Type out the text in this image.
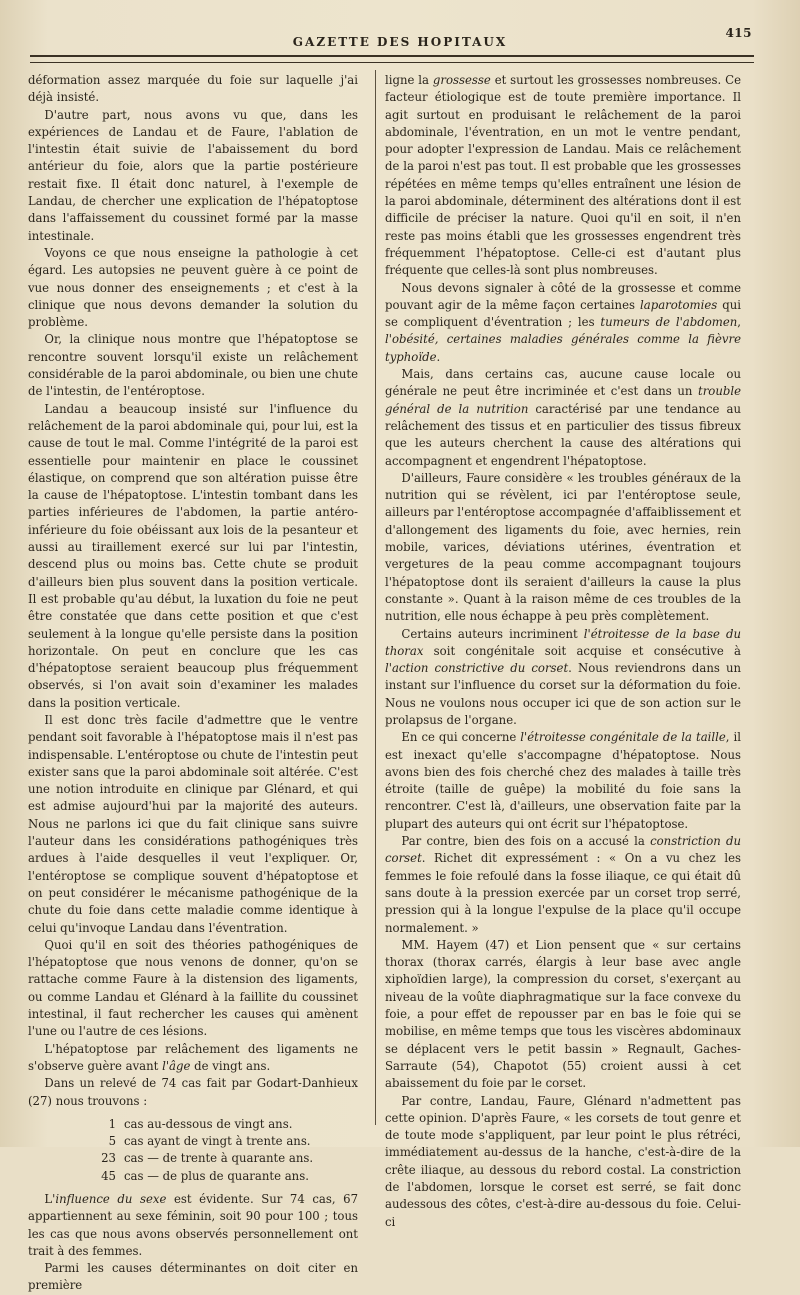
415
GAZETTE DES HOPITAUX

déformation assez marquée du foie sur laquelle j'ai déjà insisté.

D'autre part, nous avons vu que, dans les expériences de Landau et de Faure, l'ablation de l'intestin était suivie de l'abaissement du bord antérieur du foie, alors que la partie postérieure restait fixe. Il était donc naturel, à l'exemple de Landau, de chercher une explication de l'hépatoptose dans l'affaissement du coussinet formé par la masse intestinale.

Voyons ce que nous enseigne la pathologie à cet égard. Les autopsies ne peuvent guère à ce point de vue nous donner des enseignements ; et c'est à la clinique que nous devons demander la solution du problème.

Or, la clinique nous montre que l'hépatoptose se rencontre souvent lorsqu'il existe un relâchement considérable de la paroi abdominale, ou bien une chute de l'intestin, de l'entéroptose.

Landau a beaucoup insisté sur l'influence du relâchement de la paroi abdominale qui, pour lui, est la cause de tout le mal. Comme l'intégrité de la paroi est essentielle pour maintenir en place le coussinet élastique, on comprend que son altération puisse être la cause de l'hépatoptose. L'intestin tombant dans les parties inférieures de l'abdomen, la partie antéro-inférieure du foie obéissant aux lois de la pesanteur et aussi au tiraillement exercé sur lui par l'intestin, descend plus ou moins bas. Cette chute se produit d'ailleurs bien plus souvent dans la position verticale. Il est probable qu'au début, la luxation du foie ne peut être constatée que dans cette position et que c'est seulement à la longue qu'elle persiste dans la position horizontale. On peut en conclure que les cas d'hépatoptose seraient beaucoup plus fréquemment observés, si l'on avait soin d'examiner les malades dans la position verticale.

Il est donc très facile d'admettre que le ventre pendant soit favorable à l'hépatoptose mais il n'est pas indispensable. L'entéroptose ou chute de l'intestin peut exister sans que la paroi abdominale soit altérée. C'est une notion introduite en clinique par Glénard, et qui est admise aujourd'hui par la majorité des auteurs. Nous ne parlons ici que du fait clinique sans suivre l'auteur dans les considérations pathogéniques très ardues à l'aide desquelles il veut l'expliquer. Or, l'entéroptose se complique souvent d'hépatoptose et on peut considérer le mécanisme pathogénique de la chute du foie dans cette maladie comme identique à celui qu'invoque Landau dans l'éventration.

Quoi qu'il en soit des théories pathogéniques de l'hépatoptose que nous venons de donner, qu'on se rattache comme Faure à la distension des ligaments, ou comme Landau et Glénard à la faillite du coussinet intestinal, il faut rechercher les causes qui amènent l'une ou l'autre de ces lésions.

L'hépatoptose par relâchement des ligaments ne s'observe guère avant l'âge de vingt ans.

Dans un relevé de 74 cas fait par Godart-Danhieux (27) nous trouvons :

1 cas au-dessous de vingt ans.
5 cas ayant de vingt à trente ans.
23 cas — de trente à quarante ans.
45 cas — de plus de quarante ans.

L'influence du sexe est évidente. Sur 74 cas, 67 appartiennent au sexe féminin, soit 90 pour 100 ; tous les cas que nous avons observés personnellement ont trait à des femmes.

Parmi les causes déterminantes on doit citer en première

ligne la grossesse et surtout les grossesses nombreuses. Ce facteur étiologique est de toute première importance. Il agit surtout en produisant le relâchement de la paroi abdominale, l'éventration, en un mot le ventre pendant, pour adopter l'expression de Landau. Mais ce relâchement de la paroi n'est pas tout. Il est probable que les grossesses répétées en même temps qu'elles entraînent une lésion de la paroi abdominale, déterminent des altérations dont il est difficile de préciser la nature. Quoi qu'il en soit, il n'en reste pas moins établi que les grossesses engendrent très fréquemment l'hépatoptose. Celle-ci est d'autant plus fréquente que celles-là sont plus nombreuses.

Nous devons signaler à côté de la grossesse et comme pouvant agir de la même façon certaines laparotomies qui se compliquent d'éventration ; les tumeurs de l'abdomen, l'obésité, certaines maladies générales comme la fièvre typhoïde.

Mais, dans certains cas, aucune cause locale ou générale ne peut être incriminée et c'est dans un trouble général de la nutrition caractérisé par une tendance au relâchement des tissus et en particulier des tissus fibreux que les auteurs cherchent la cause des altérations qui accompagnent et engendrent l'hépatoptose.

D'ailleurs, Faure considère « les troubles généraux de la nutrition qui se révèlent, ici par l'entéroptose seule, ailleurs par l'entéroptose accompagnée d'affaiblissement et d'allongement des ligaments du foie, avec hernies, rein mobile, varices, déviations utérines, éventration et vergetures de la peau comme accompagnant toujours l'hépatoptose dont ils seraient d'ailleurs la cause la plus constante ». Quant à la raison même de ces troubles de la nutrition, elle nous échappe à peu près complètement.

Certains auteurs incriminent l'étroitesse de la base du thorax soit congénitale soit acquise et consécutive à l'action constrictive du corset. Nous reviendrons dans un instant sur l'influence du corset sur la déformation du foie. Nous ne voulons nous occuper ici que de son action sur le prolapsus de l'organe.

En ce qui concerne l'étroitesse congénitale de la taille, il est inexact qu'elle s'accompagne d'hépatoptose. Nous avons bien des fois cherché chez des malades à taille très étroite (taille de guêpe) la mobilité du foie sans la rencontrer. C'est là, d'ailleurs, une observation faite par la plupart des auteurs qui ont écrit sur l'hépatoptose.

Par contre, bien des fois on a accusé la constriction du corset. Richet dit expressément : « On a vu chez les femmes le foie refoulé dans la fosse iliaque, ce qui était dû sans doute à la pression exercée par un corset trop serré, pression qui à la longue l'expulse de la place qu'il occupe normalement. »

MM. Hayem (47) et Lion pensent que « sur certains thorax (thorax carrés, élargis à leur base avec angle xiphoïdien large), la compression du corset, s'exerçant au niveau de la voûte diaphragmatique sur la face convexe du foie, a pour effet de repousser par en bas le foie qui se mobilise, en même temps que tous les viscères abdominaux se déplacent vers le petit bassin » Regnault, Gaches-Sarraute (54), Chapotot (55) croient aussi à cet abaissement du foie par le corset.

Par contre, Landau, Faure, Glénard n'admettent pas cette opinion. D'après Faure, « les corsets de tout genre et de toute mode s'appliquent, par leur point le plus rétréci, immédiatement au-dessus de la hanche, c'est-à-dire de la crête iliaque, au dessous du rebord costal. La constriction de l'abdomen, lorsque le corset est serré, se fait donc audessous des côtes, c'est-à-dire au-dessous du foie. Celui-ci
